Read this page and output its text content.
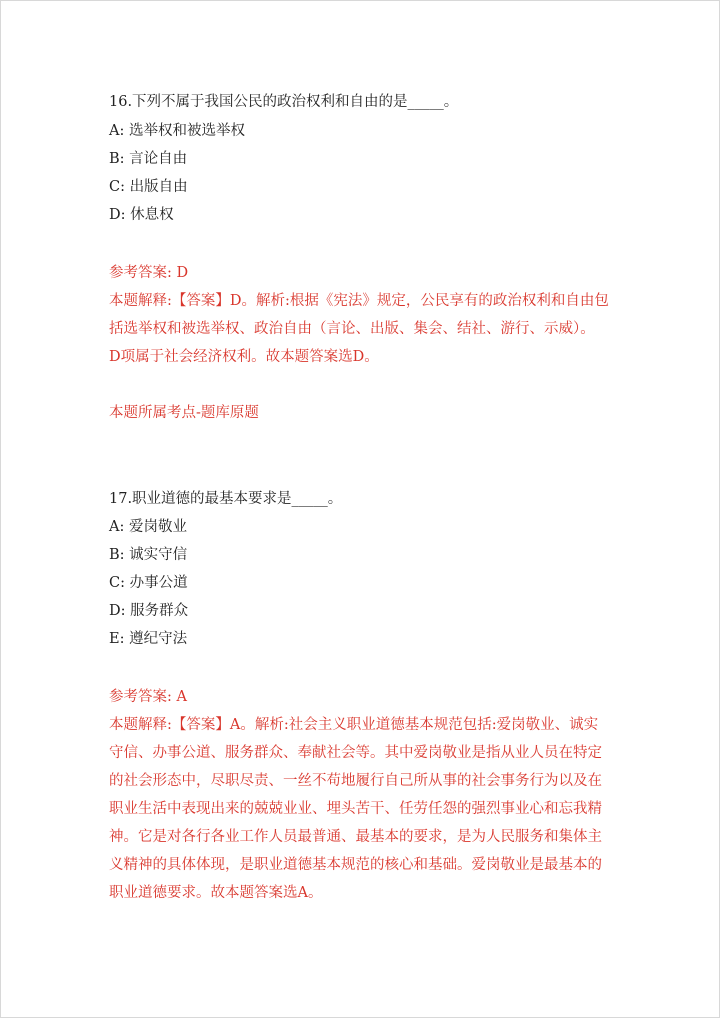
16.下列不属于我国公民的政治权利和自由的是_____。
A: 选举权和被选举权
B: 言论自由
C: 出版自由
D: 休息权
参考答案: D
本题解释:【答案】D。解析:根据《宪法》规定，公民享有的政治权利和自由包
括选举权和被选举权、政治自由（言论、出版、集会、结社、游行、示威）。
D项属于社会经济权利。故本题答案选D。
本题所属考点-题库原题
17.职业道德的最基本要求是_____。
A: 爱岗敬业
B: 诚实守信
C: 办事公道
D: 服务群众
E: 遵纪守法
参考答案: A
本题解释:【答案】A。解析:社会主义职业道德基本规范包括:爱岗敬业、诚实
守信、办事公道、服务群众、奉献社会等。其中爱岗敬业是指从业人员在特定
的社会形态中，尽职尽责、一丝不苟地履行自己所从事的社会事务行为以及在
职业生活中表现出来的兢兢业业、埋头苦干、任劳任怨的强烈事业心和忘我精
神。它是对各行各业工作人员最普通、最基本的要求，是为人民服务和集体主
义精神的具体体现，是职业道德基本规范的核心和基础。爱岗敬业是最基本的
职业道德要求。故本题答案选A。
